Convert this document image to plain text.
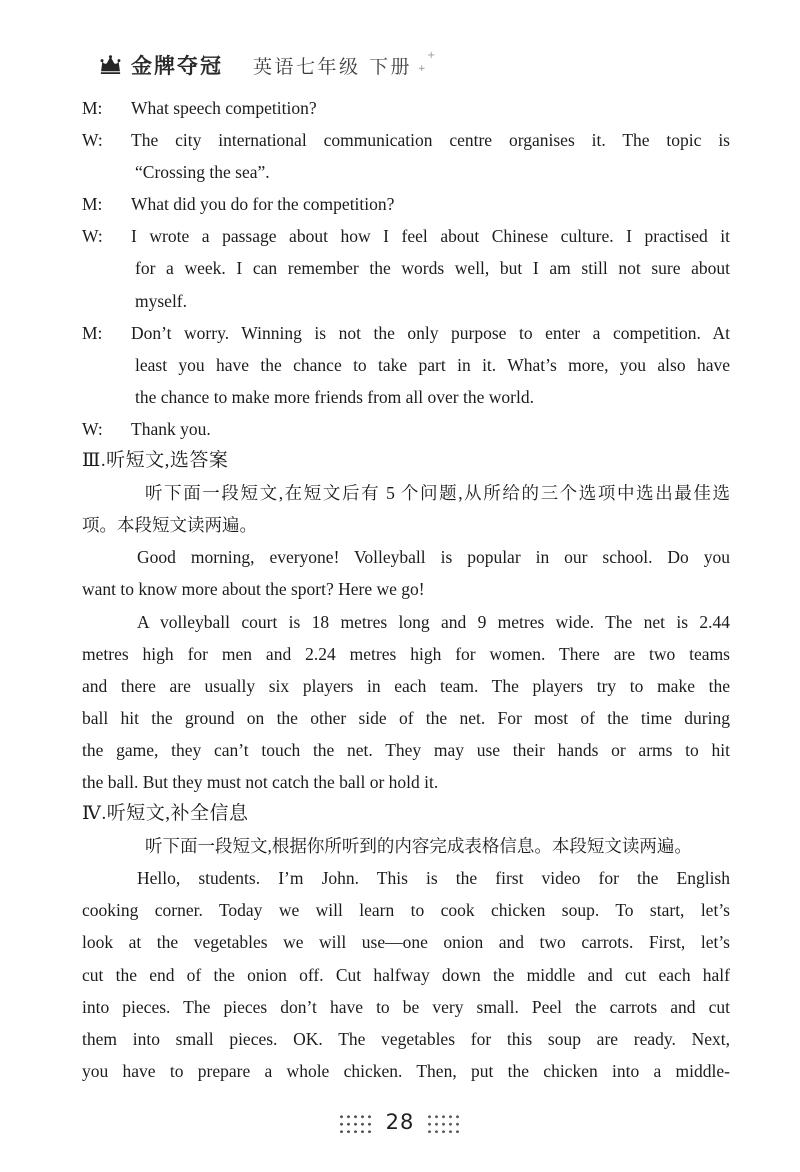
金牌夺冠 英语七年级 下册 +
+
M:	What speech competition?
W:	The city international communication centre organises it. The topic is
“Crossing the sea”.
M:	What did you do for the competition?
W:	I wrote a passage about how I feel about Chinese culture. I practised it
for a week. I can remember the words well, but I am still not sure about
myself.
M:	Don’t worry. Winning is not the only purpose to enter a competition. At
least you have the chance to take part in it. What’s more, you also have
the chance to make more friends from all over the world.
W:	Thank you.
Ⅲ.听短文,选答案
听下面一段短文,在短文后有 5 个问题,从所给的三个选项中选出最佳选
项。本段短文读两遍。
Good morning, everyone! Volleyball is popular in our school. Do you
want to know more about the sport? Here we go!
A volleyball court is 18 metres long and 9 metres wide. The net is 2.44
metres high for men and 2.24 metres high for women. There are two teams
and there are usually six players in each team. The players try to make the
ball hit the ground on the other side of the net. For most of the time during
the game, they can’t touch the net. They may use their hands or arms to hit
the ball. But they must not catch the ball or hold it.
Ⅳ.听短文,补全信息
听下面一段短文,根据你所听到的内容完成表格信息。本段短文读两遍。
Hello, students. I’m John. This is the first video for the English
cooking corner. Today we will learn to cook chicken soup. To start, let’s
look at the vegetables we will use—one onion and two carrots. First, let’s
cut the end of the onion off. Cut halfway down the middle and cut each half
into pieces. The pieces don’t have to be very small. Peel the carrots and cut
them into small pieces. OK. The vegetables for this soup are ready. Next,
you have to prepare a whole chicken. Then, put the chicken into a middle-
28
